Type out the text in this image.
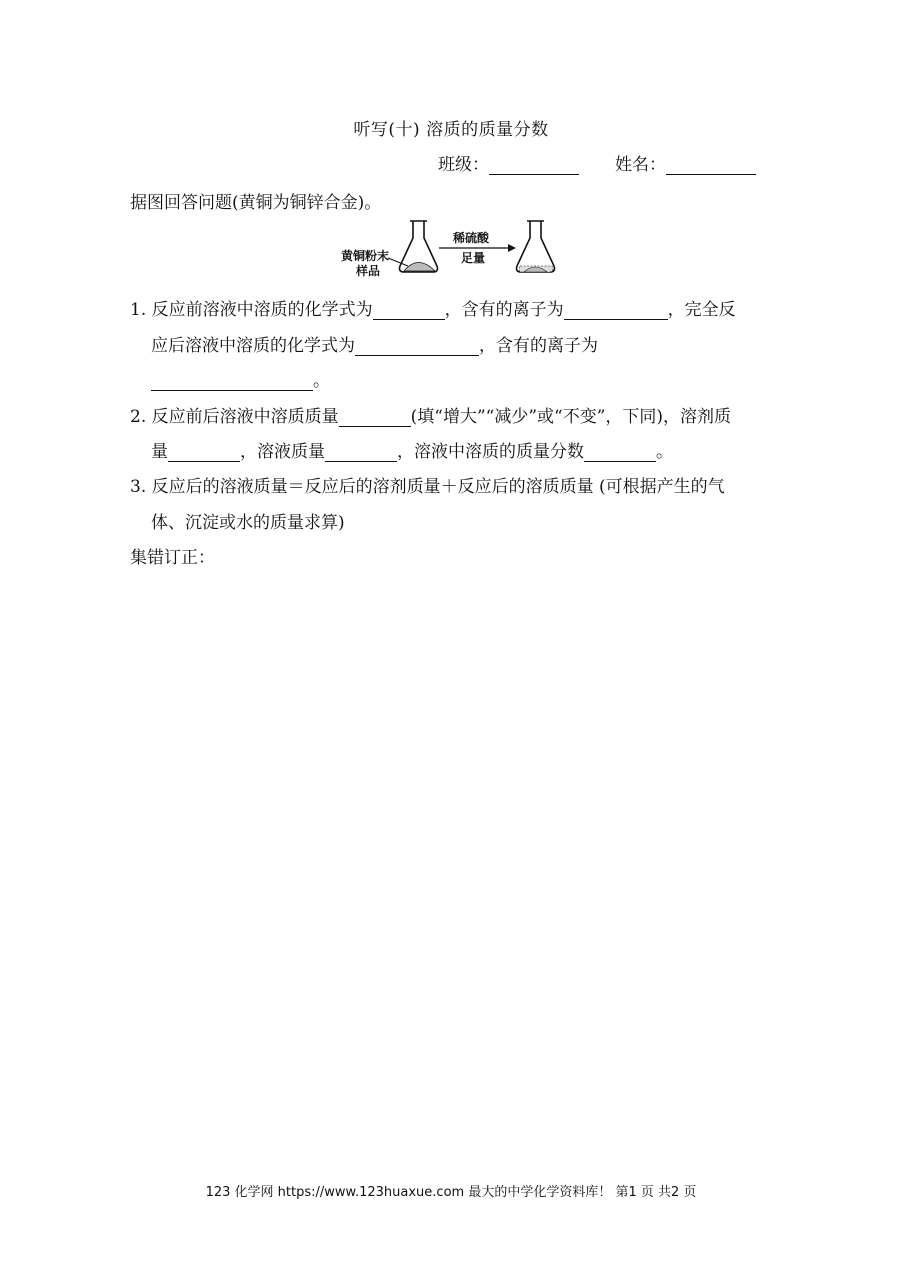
听写(十) 溶质的质量分数
班级：	姓名：
据图回答问题(黄铜为铜锌合金)。
黄铜粉末
样品
稀硫酸
足量
1. 反应前溶液中溶质的化学式为	，含有的离子为	，完全反
应后溶液中溶质的化学式为	，含有的离子为
。
2. 反应前后溶液中溶质质量	(填“增大”“减少”或“不变”，下同)，溶剂质
量	，溶液质量	，溶液中溶质的质量分数	。
3. 反应后的溶液质量＝反应后的溶剂质量＋反应后的溶质质量 (可根据产生的气
体、沉淀或水的质量求算)
集错订正：
123 化学网 https://www.123huaxue.com 最大的中学化学资料库！ 第1 页 共2 页
